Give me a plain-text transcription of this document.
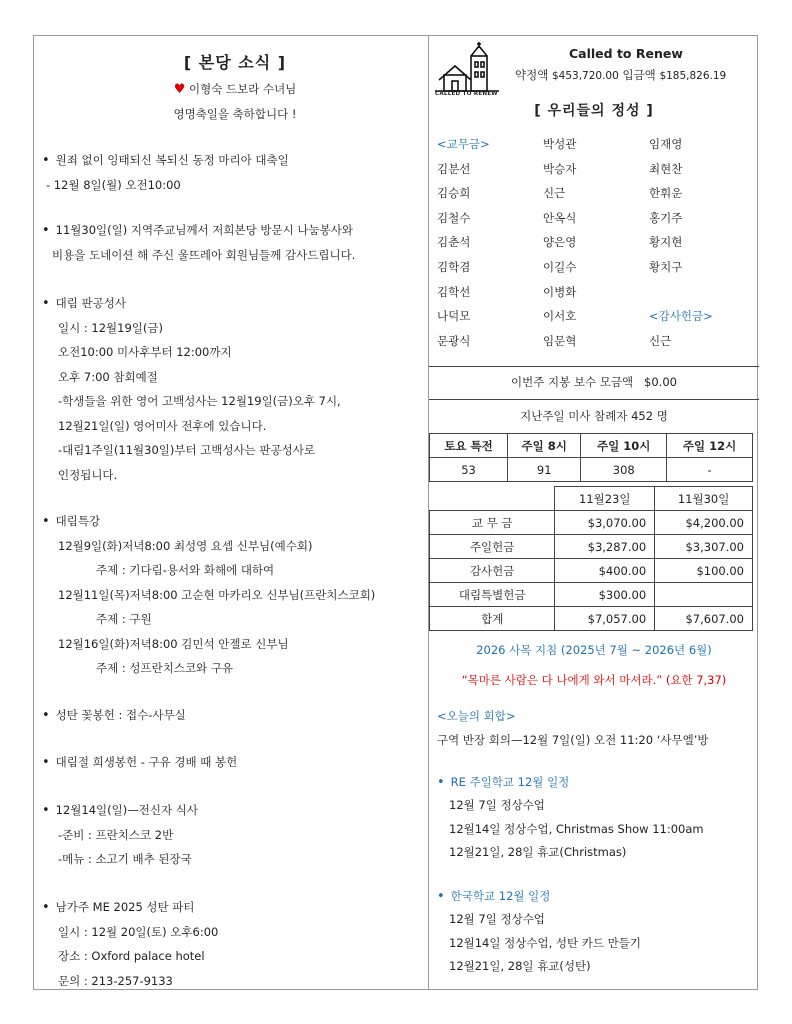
[ 본당 소식 ]
♥ 이형숙 드보라 수녀님
영명축일을 축하합니다 !
• 원죄 없이 잉태되신 복되신 동정 마리아 대축일
- 12월 8일(월) 오전10:00
• 11월30일(일) 지역주교님께서 저희본당 방문시 나눔봉사와
비용을 도네이션 해 주신 울뜨레아 회원님들께 감사드립니다.
• 대림 판공성사
일시 : 12월19일(금)
오전10:00 미사후부터 12:00까지
오후 7:00 참회예절
-학생들을 위한 영어 고백성사는 12월19일(금)오후 7시,
12월21일(일) 영어미사 전후에 있습니다.
-대림1주일(11월30일)부터 고백성사는 판공성사로
인정됩니다.
• 대림특강
12월9일(화)저녁8:00 최성영 요셉 신부님(예수회)
주제 : 기다림-용서와 화해에 대하여
12월11일(목)저녁8:00 고순현 마카리오 신부님(프란치스코회)
주제 : 구원
12월16일(화)저녁8:00 김민석 안젤로 신부님
주제 : 성프란치스코와 구유
• 성탄 꽃봉헌 : 접수-사무실
• 대림절 희생봉헌 - 구유 경배 때 봉헌
• 12월14일(일)—전신자 식사
-준비 : 프란치스코 2반
-메뉴 : 소고기 배추 된장국
• 남가주 ME 2025 성탄 파티
일시 : 12월 20일(토) 오후6:00
장소 : Oxford palace hotel
문의 : 213-257-9133
CALLED TO RENEW
Called to Renew
약정액 $453,720.00 입금액 $185,826.19
[ 우리들의 정성 ]
<교무금>	박성관	임재영
김분선	박승자	최현찬
김승희	신근	한휘운
김철수	안옥식	홍기주
김춘석	양은영	황지현
김학겸	이길수	황치구
김학선	이병화
나덕모	이서호	<감사헌금>
문광식	임문혁	신근
이번주 지봉 보수 모금액 $0.00
지난주일 미사 참례자 452 명
토요 특전	주일 8시	주일 10시	주일 12시
53	91	308	-
	11월23일	11월30일
교 무 금	$3,070.00	$4,200.00
주일헌금	$3,287.00	$3,307.00
감사헌금	$400.00	$100.00
대림특별헌금	$300.00	
합계	$7,057.00	$7,607.00
2026 사목 지침 (2025년 7월 ~ 2026년 6월)
“목마른 사람은 다 나에게 와서 마셔라.” (요한 7,37)
<오늘의 회합>
구역 반장 회의—12월 7일(일) 오전 11:20 ‘사무엘’방
• RE 주일학교 12월 일정
12월 7일 정상수업
12월14일 정상수업, Christmas Show 11:00am
12월21일, 28일 휴교(Christmas)
• 한국학교 12월 일정
12월 7일 정상수업
12월14일 정상수업, 성탄 카드 만들기
12월21일, 28일 휴교(성탄)
